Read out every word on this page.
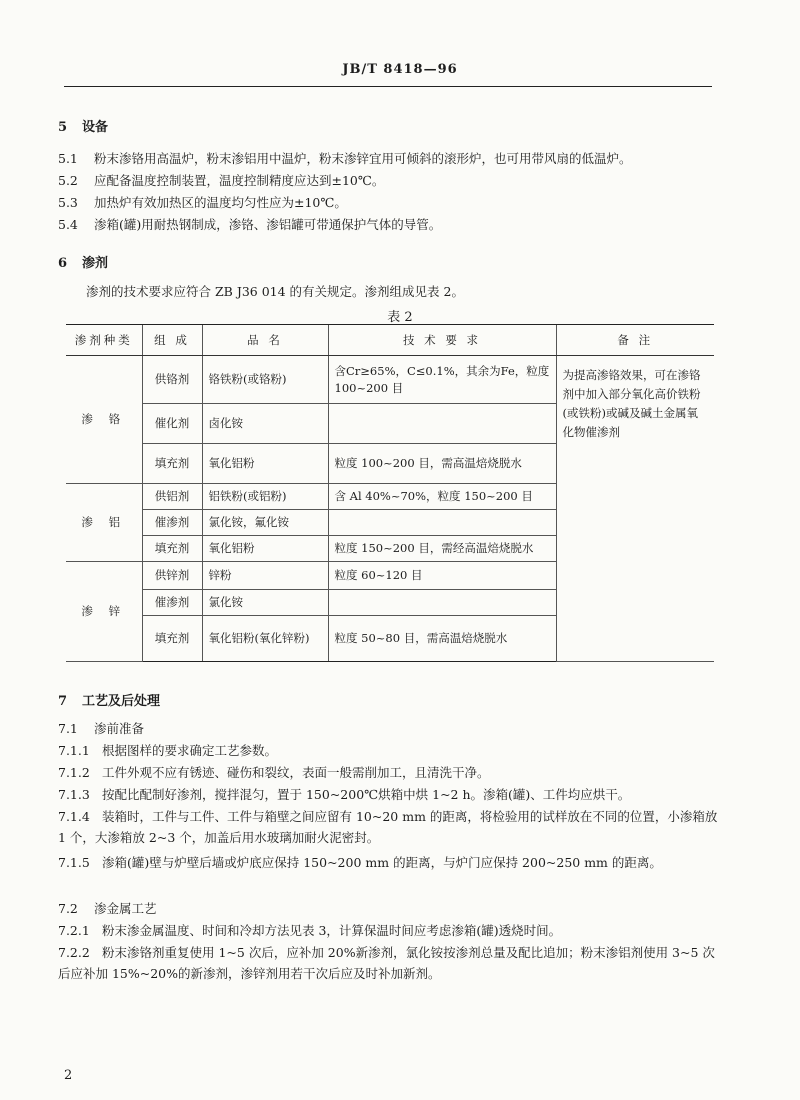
JB/T 8418—96
5 设备
5.1 粉末渗铬用高温炉，粉末渗铝用中温炉，粉末渗锌宜用可倾斜的滚形炉，也可用带风扇的低温炉。
5.2 应配备温度控制装置，温度控制精度应达到±10℃。
5.3 加热炉有效加热区的温度均匀性应为±10℃。
5.4 渗箱(罐)用耐热钢制成，渗铬、渗铝罐可带通保护气体的导管。
6 渗剂
渗剂的技术要求应符合 ZB J36 014 的有关规定。渗剂组成见表 2。
表 2
渗剂种类	组 成	品 名	技 术 要 求	备 注
渗 铬	供铬剂	铬铁粉(或铬粉)	含Cr≥65%，C≤0.1%，其余为Fe，粒度 100~200 目	为提高渗铬效果，可在渗铬剂中加入部分氧化高价铁粉(或铁粉)或碱及碱土金属氧化物催渗剂
	催化剂	卤化铵		
	填充剂	氧化铝粉	粒度 100~200 目，需高温焙烧脱水	
渗 铝	供铝剂	铝铁粉(或铝粉)	含 Al 40%~70%，粒度 150~200 目	
	催渗剂	氯化铵，氟化铵		
	填充剂	氧化铝粉	粒度 150~200 目，需经高温焙烧脱水	
渗 锌	供锌剂	锌粉	粒度 60~120 目	
	催渗剂	氯化铵		
	填充剂	氧化铝粉(氧化锌粉)	粒度 50~80 目，需高温焙烧脱水	
7 工艺及后处理
7.1 渗前准备
7.1.1 根据图样的要求确定工艺参数。
7.1.2 工件外观不应有锈迹、碰伤和裂纹，表面一般需削加工，且清洗干净。
7.1.3 按配比配制好渗剂，搅拌混匀，置于 150~200℃烘箱中烘 1~2 h。渗箱(罐)、工件均应烘干。
7.1.4 装箱时，工件与工件、工件与箱壁之间应留有 10~20 mm 的距离，将检验用的试样放在不同的位置，小渗箱放 1 个，大渗箱放 2~3 个，加盖后用水玻璃加耐火泥密封。
7.1.5 渗箱(罐)壁与炉壁后墙或炉底应保持 150~200 mm 的距离，与炉门应保持 200~250 mm 的距离。
7.2 渗金属工艺
7.2.1 粉末渗金属温度、时间和冷却方法见表 3，计算保温时间应考虑渗箱(罐)透烧时间。
7.2.2 粉末渗铬剂重复使用 1~5 次后，应补加 20%新渗剂，氯化铵按渗剂总量及配比追加；粉末渗铝剂使用 3~5 次后应补加 15%~20%的新渗剂，渗锌剂用若干次后应及时补加新剂。
2
